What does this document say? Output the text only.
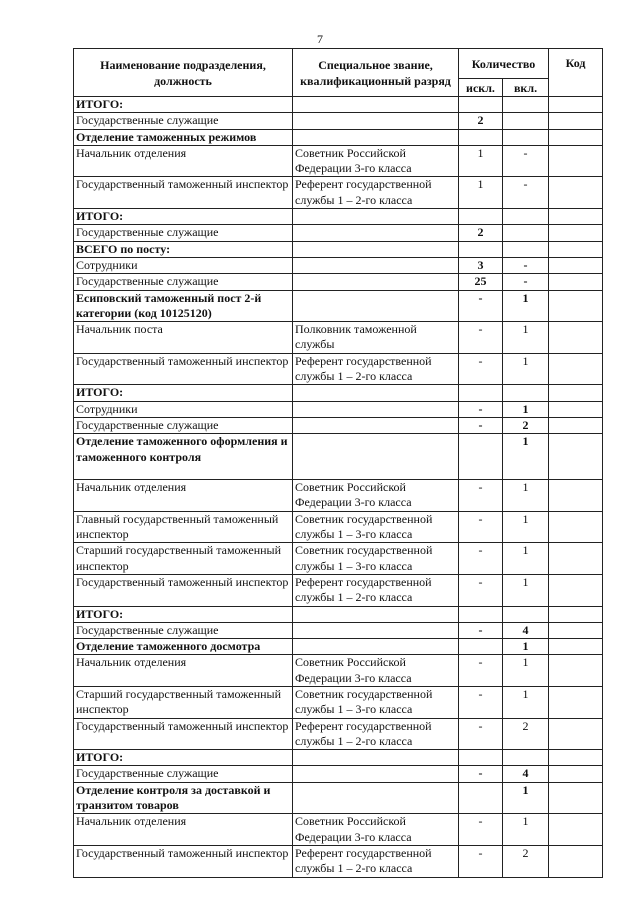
7
Наименование подразделения, должность	Специальное звание, квалификационный разряд	Количество		Код
		искл.	вкл.	
ИТОГО:				
Государственные служащие		2		
Отделение таможенных режимов				
Начальник отделения	Советник Российской Федерации 3-го класса	1	-	
Государственный таможенный инспектор	Референт государственной службы 1 – 2-го класса	1	-	
ИТОГО:				
Государственные служащие		2		
ВСЕГО по посту:				
Сотрудники		3	-	
Государственные служащие		25	-	
Есиповский таможенный пост 2-й категории (код 10125120)		-	1	
Начальник поста	Полковник таможенной службы	-	1	
Государственный таможенный инспектор	Референт государственной службы 1 – 2-го класса	-	1	
ИТОГО:				
Сотрудники		-	1	
Государственные служащие		-	2	
Отделение таможенного оформления и таможенного контроля			1	
Начальник отделения	Советник Российской Федерации 3-го класса	-	1	
Главный государственный таможенный инспектор	Советник государственной службы 1 – 3-го класса	-	1	
Старший государственный таможенный инспектор	Советник государственной службы 1 – 3-го класса	-	1	
Государственный таможенный инспектор	Референт государственной службы 1 – 2-го класса	-	1	
ИТОГО:				
Государственные служащие		-	4	
Отделение таможенного досмотра			1	
Начальник отделения	Советник Российской Федерации 3-го класса	-	1	
Старший государственный таможенный инспектор	Советник государственной службы 1 – 3-го класса	-	1	
Государственный таможенный инспектор	Референт государственной службы 1 – 2-го класса	-	2	
ИТОГО:				
Государственные служащие		-	4	
Отделение контроля за доставкой и транзитом товаров			1	
Начальник отделения	Советник Российской Федерации 3-го класса	-	1	
Государственный таможенный инспектор	Референт государственной службы 1 – 2-го класса	-	2	
